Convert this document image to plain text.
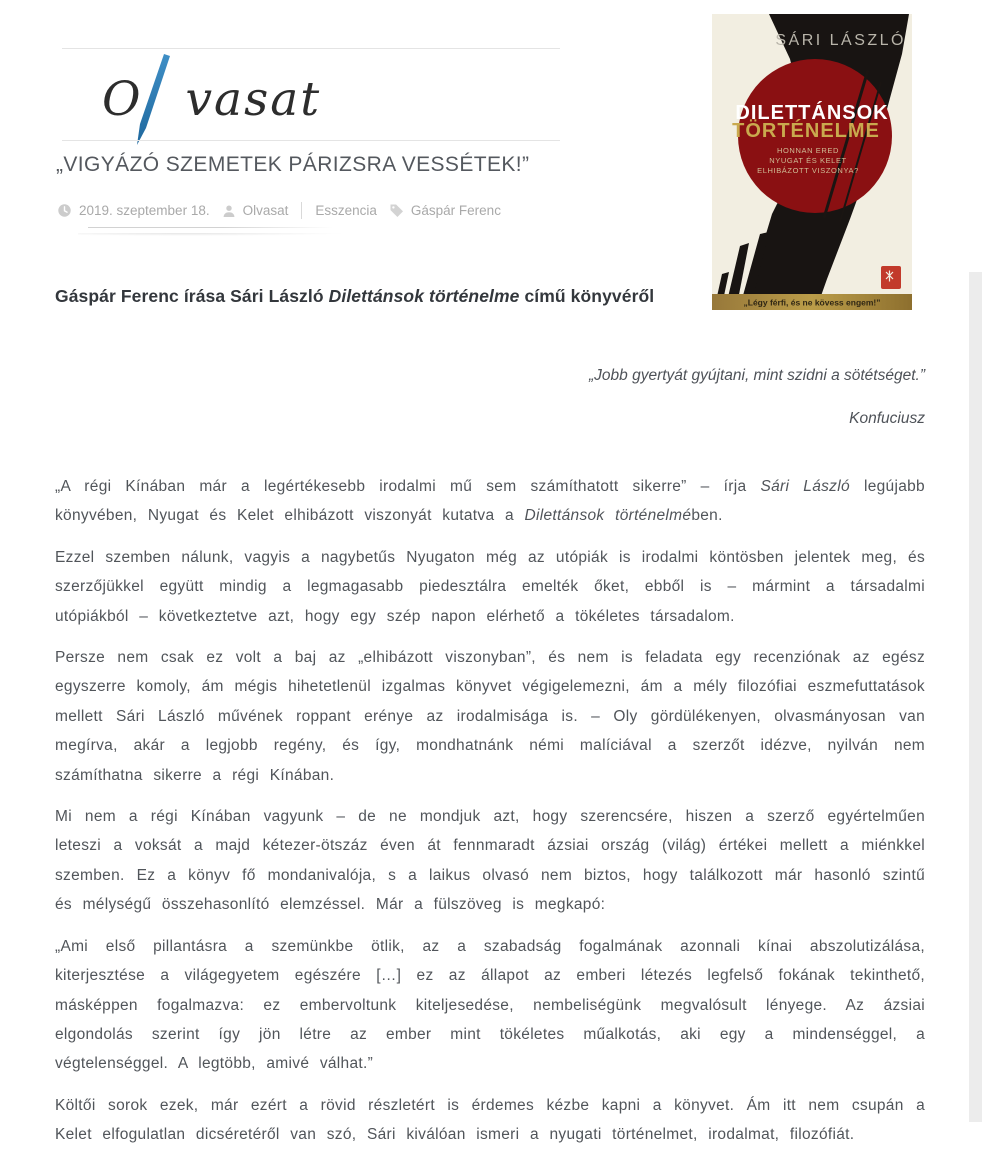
O vasat
„VIGYÁZÓ SZEMETEK PÁRIZSRA VESSÉTEK!”
2019. szeptember 18. Olvasat Esszencia	Gáspár Ferenc
SÁRI LÁSZLÓ
DILETTÁNSOK
TÖRTÉNELME
HONNAN ERED
NYUGAT ÉS KELET
ELHIBÁZOTT VISZONYA?
„Légy férfi, és ne kövess engem!”
Gáspár Ferenc írása Sári László Dilettánsok történelme című könyvéről
„Jobb gyertyát gyújtani, mint szidni a sötétséget.”
Konfuciusz

„A régi Kínában már a legértékesebb irodalmi mű sem számíthatott sikerre” – írja Sári László legújabb könyvében, Nyugat és Kelet elhibázott viszonyát kutatva a Dilettánsok történelmében.

Ezzel szemben nálunk, vagyis a nagybetűs Nyugaton még az utópiák is irodalmi köntösben jelentek meg, és szerzőjükkel együtt mindig a legmagasabb piedesztálra emelték őket, ebből is – mármint a társadalmi utópiákból – következtetve azt, hogy egy szép napon elérhető a tökéletes társadalom.

Persze nem csak ez volt a baj az „elhibázott viszonyban”, és nem is feladata egy recenziónak az egész egyszerre komoly, ám mégis hihetetlenül izgalmas könyvet végigelemezni, ám a mély filozófiai eszmefuttatások mellett Sári László művének roppant erénye az irodalmisága is. – Oly gördülékenyen, olvasmányosan van megírva, akár a legjobb regény, és így, mondhatnánk némi malíciával a szerzőt idézve, nyilván nem számíthatna sikerre a régi Kínában.

Mi nem a régi Kínában vagyunk – de ne mondjuk azt, hogy szerencsére, hiszen a szerző egyértelműen leteszi a voksát a majd kétezer-ötszáz éven át fennmaradt ázsiai ország (világ) értékei mellett a miénkkel szemben. Ez a könyv fő mondanivalója, s a laikus olvasó nem biztos, hogy találkozott már hasonló szintű és mélységű összehasonlító elemzéssel. Már a fülszöveg is megkapó:

„Ami első pillantásra a szemünkbe ötlik, az a szabadság fogalmának azonnali kínai abszolutizálása, kiterjesztése a világegyetem egészére […] ez az állapot az emberi létezés legfelső fokának tekinthető, másképpen fogalmazva: ez embervoltunk kiteljesedése, nembeliségünk megvalósult lényege. Az ázsiai elgondolás szerint így jön létre az ember mint tökéletes műalkotás, aki egy a mindenséggel, a végtelenséggel. A legtöbb, amivé válhat.”

Költői sorok ezek, már ezért a rövid részletért is érdemes kézbe kapni a könyvet. Ám itt nem csupán a Kelet elfogulatlan dicséretéről van szó, Sári kiválóan ismeri a nyugati történelmet, irodalmat, filozófiát.
